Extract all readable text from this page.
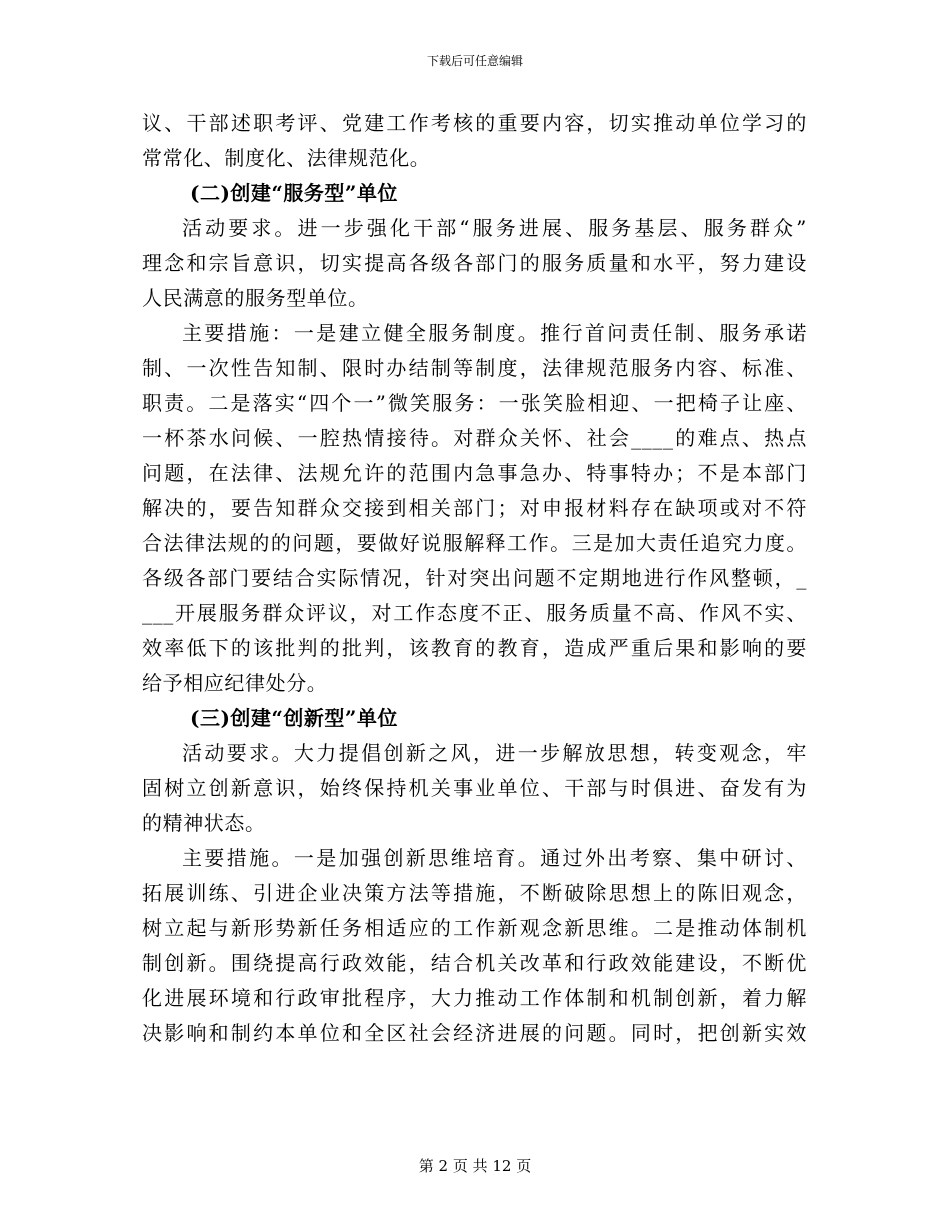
下载后可任意编辑
议、干部述职考评、党建工作考核的重要内容，切实推动单位学习的
常常化、制度化、法律规范化。
(二)创建“服务型”单位
活动要求。进一步强化干部“服务进展、服务基层、服务群众”
理念和宗旨意识，切实提高各级各部门的服务质量和水平，努力建设
人民满意的服务型单位。
主要措施：一是建立健全服务制度。推行首问责任制、服务承诺
制、一次性告知制、限时办结制等制度，法律规范服务内容、标准、
职责。二是落实“四个一”微笑服务：一张笑脸相迎、一把椅子让座、
一杯茶水问候、一腔热情接待。对群众关怀、社会____的难点、热点
问题，在法律、法规允许的范围内急事急办、特事特办；不是本部门
解决的，要告知群众交接到相关部门；对申报材料存在缺项或对不符
合法律法规的的问题，要做好说服解释工作。三是加大责任追究力度。
各级各部门要结合实际情况，针对突出问题不定期地进行作风整顿，_
___开展服务群众评议，对工作态度不正、服务质量不高、作风不实、
效率低下的该批判的批判，该教育的教育，造成严重后果和影响的要
给予相应纪律处分。
(三)创建“创新型”单位
活动要求。大力提倡创新之风，进一步解放思想，转变观念，牢
固树立创新意识，始终保持机关事业单位、干部与时俱进、奋发有为
的精神状态。
主要措施。一是加强创新思维培育。通过外出考察、集中研讨、
拓展训练、引进企业决策方法等措施，不断破除思想上的陈旧观念，
树立起与新形势新任务相适应的工作新观念新思维。二是推动体制机
制创新。围绕提高行政效能，结合机关改革和行政效能建设，不断优
化进展环境和行政审批程序，大力推动工作体制和机制创新，着力解
决影响和制约本单位和全区社会经济进展的问题。同时，把创新实效
第 2 页 共 12 页
